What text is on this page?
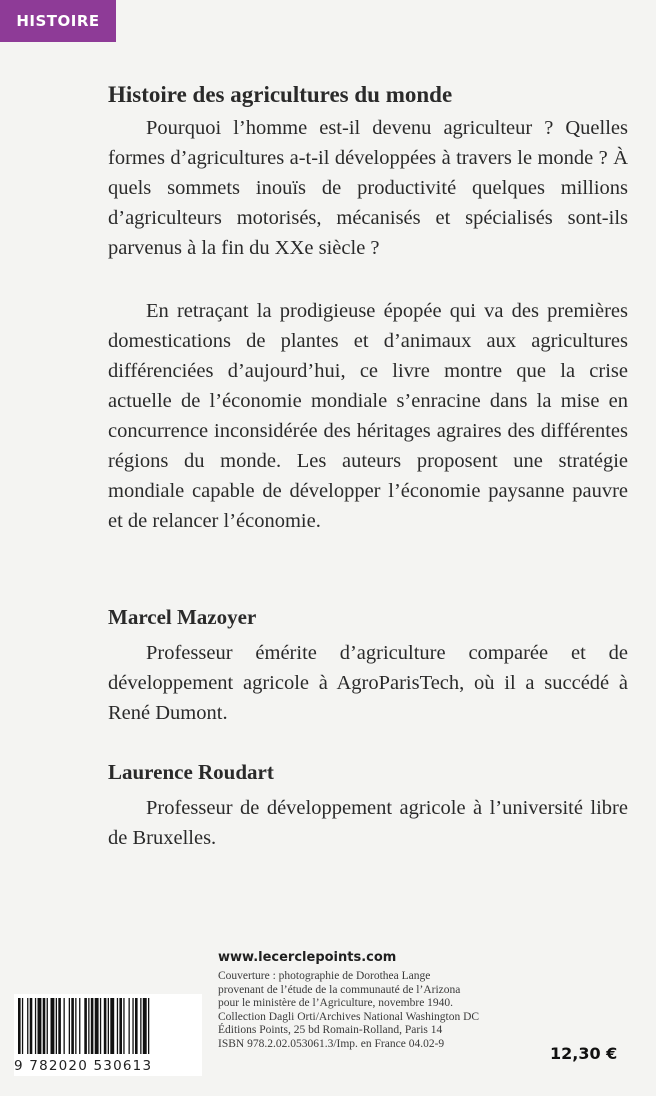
HISTOIRE
Histoire des agricultures du monde

Pourquoi l’homme est-il devenu agriculteur ? Quelles formes d’agricultures a-t-il développées à travers le monde ? À quels sommets inouïs de productivité quelques millions d’agriculteurs motorisés, mécanisés et spécialisés sont-ils parvenus à la fin du XXe siècle ?

En retraçant la prodigieuse épopée qui va des premières domestications de plantes et d’animaux aux agricultures différenciées d’aujourd’hui, ce livre montre que la crise actuelle de l’économie mondiale s’enracine dans la mise en concurrence inconsidérée des héritages agraires des différentes régions du monde. Les auteurs proposent une stratégie mondiale capable de développer l’économie paysanne pauvre et de relancer l’économie.

Marcel Mazoyer

Professeur émérite d’agriculture comparée et de développement agricole à AgroParisTech, où il a succédé à René Dumont.

Laurence Roudart

Professeur de développement agricole à l’université libre de Bruxelles.

www.lecerclepoints.com
Couverture : photographie de Dorothea Lange
provenant de l’étude de la communauté de l’Arizona
pour le ministère de l’Agriculture, novembre 1940.
Collection Dagli Orti/Archives National Washington DC
Éditions Points, 25 bd Romain-Rolland, Paris 14
ISBN 978.2.02.053061.3/Imp. en France 04.02-9
12,30 €
9 782020 530613
